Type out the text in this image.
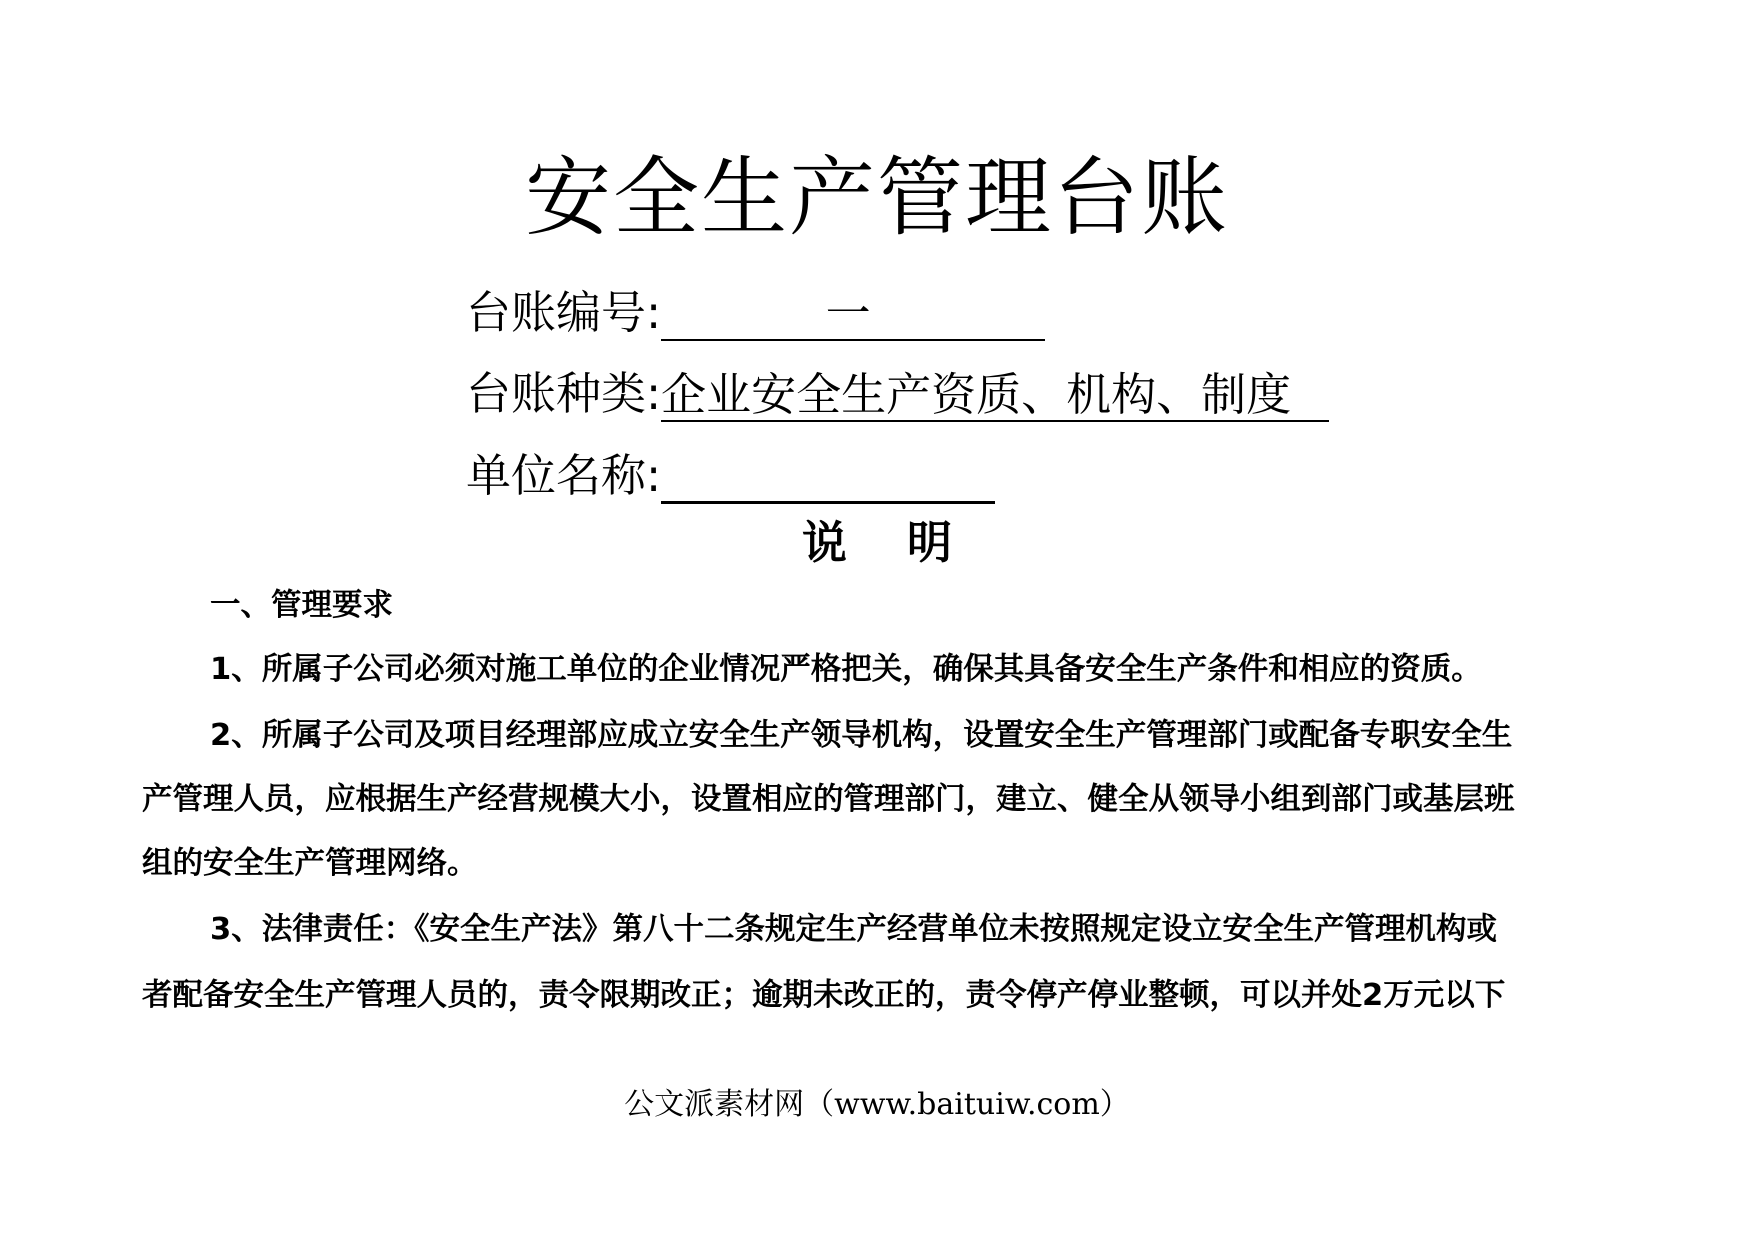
安全生产管理台账
台账编号:	一
台账种类: 企业安全生产资质、机构、制度
单位名称:
说明
一、管理要求
1、所属子公司必须对施工单位的企业情况严格把关，确保其具备安全生产条件和相应的资质。
2、所属子公司及项目经理部应成立安全生产领导机构，设置安全生产管理部门或配备专职安全生
产管理人员，应根据生产经营规模大小，设置相应的管理部门，建立、健全从领导小组到部门或基层班
组的安全生产管理网络。
3、法律责任：《安全生产法》第八十二条规定生产经营单位未按照规定设立安全生产管理机构或
者配备安全生产管理人员的，责令限期改正；逾期未改正的，责令停产停业整顿，可以并处2万元以下
公文派素材网（www.baituiw.com）
